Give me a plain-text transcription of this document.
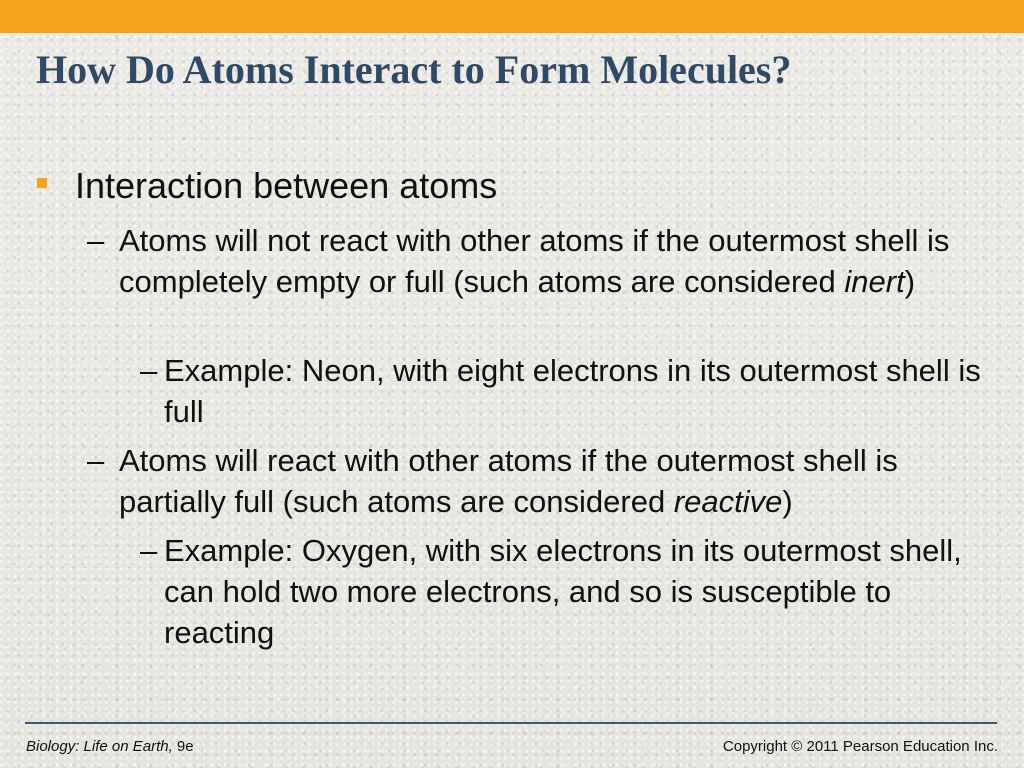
How Do Atoms Interact to Form Molecules?
Interaction between atoms
– Atoms will not react with other atoms if the outermost shell is completely empty or full (such atoms are considered inert)
– Example: Neon, with eight electrons in its outermost shell is full
– Atoms will react with other atoms if the outermost shell is partially full (such atoms are considered reactive)
– Example: Oxygen, with six electrons in its outermost shell, can hold two more electrons, and so is susceptible to reacting
Biology: Life on Earth, 9e	Copyright © 2011 Pearson Education Inc.
